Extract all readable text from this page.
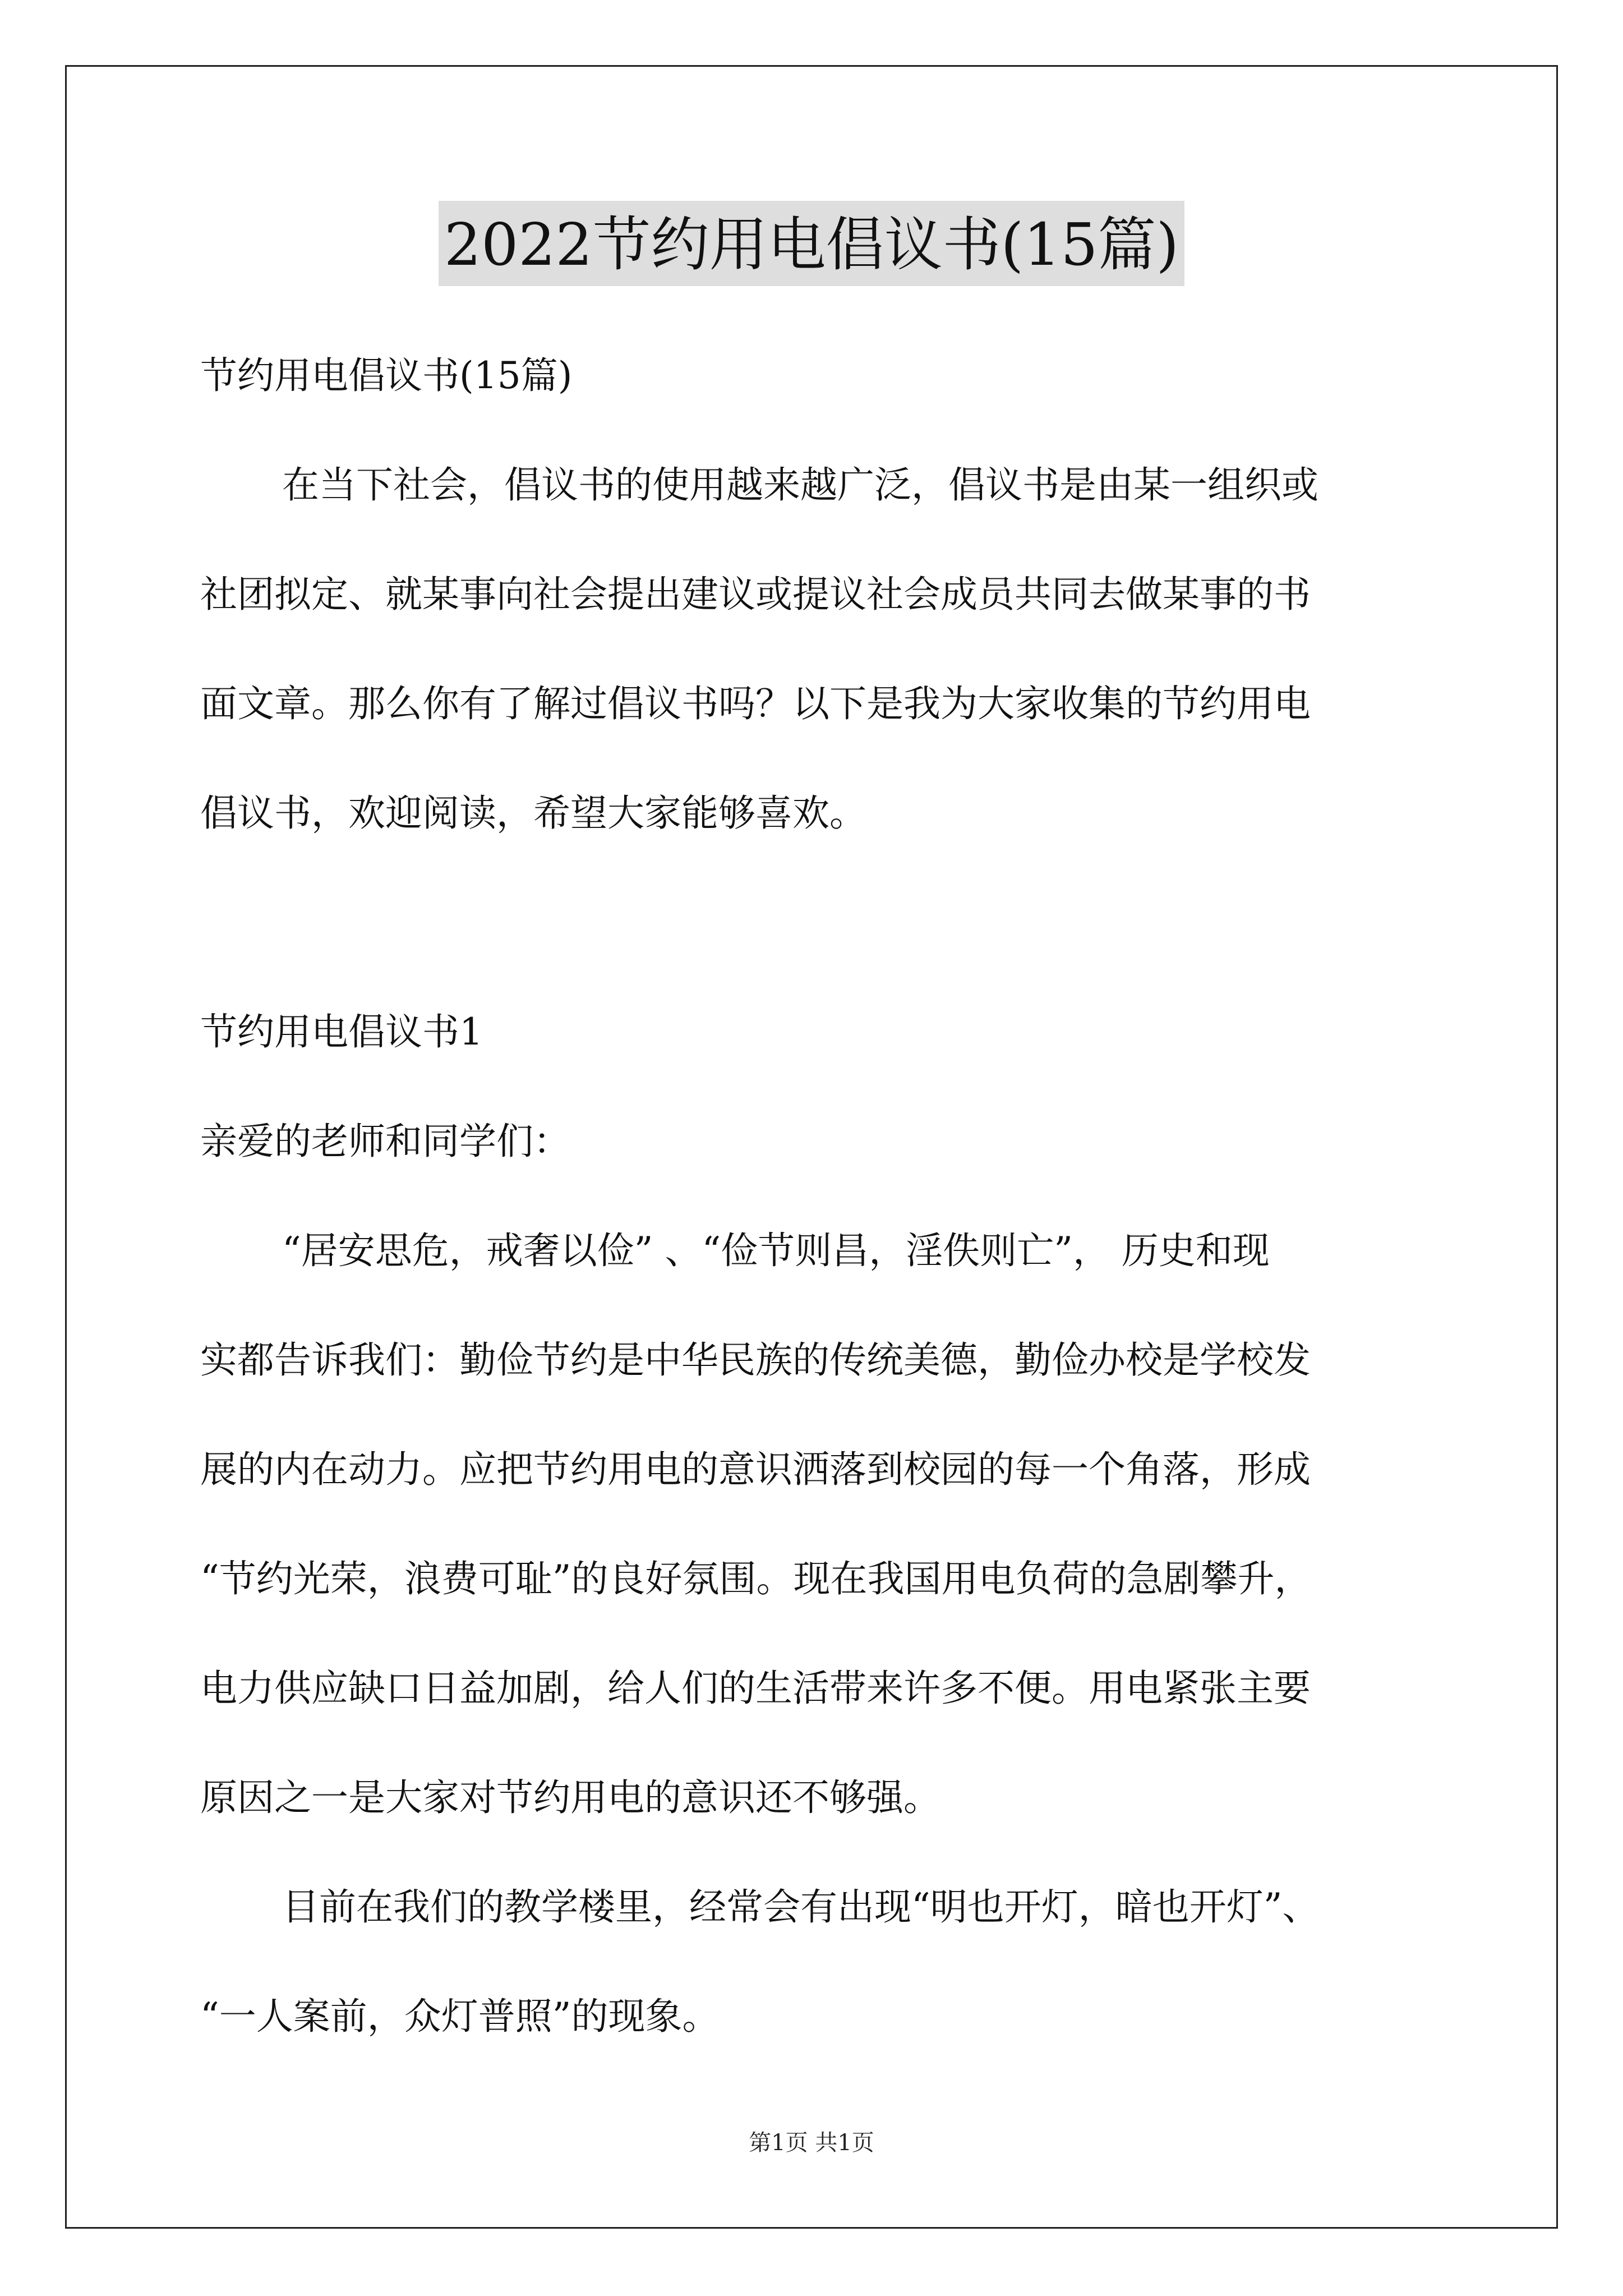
2022节约用电倡议书(15篇)
节约用电倡议书(15篇)
在当下社会，倡议书的使用越来越广泛，倡议书是由某一组织或
社团拟定、就某事向社会提出建议或提议社会成员共同去做某事的书
面文章。那么你有了解过倡议书吗？以下是我为大家收集的节约用电
倡议书，欢迎阅读，希望大家能够喜欢。
节约用电倡议书1
亲爱的老师和同学们：
“居安思危，戒奢以俭” 、“俭节则昌，淫佚则亡”， 历史和现
实都告诉我们：勤俭节约是中华民族的传统美德，勤俭办校是学校发
展的内在动力。应把节约用电的意识洒落到校园的每一个角落，形成
“节约光荣，浪费可耻”的良好氛围。现在我国用电负荷的急剧攀升，
电力供应缺口日益加剧，给人们的生活带来许多不便。用电紧张主要
原因之一是大家对节约用电的意识还不够强。
目前在我们的教学楼里，经常会有出现“明也开灯，暗也开灯”、
“一人案前，众灯普照”的现象。
第1页 共1页
